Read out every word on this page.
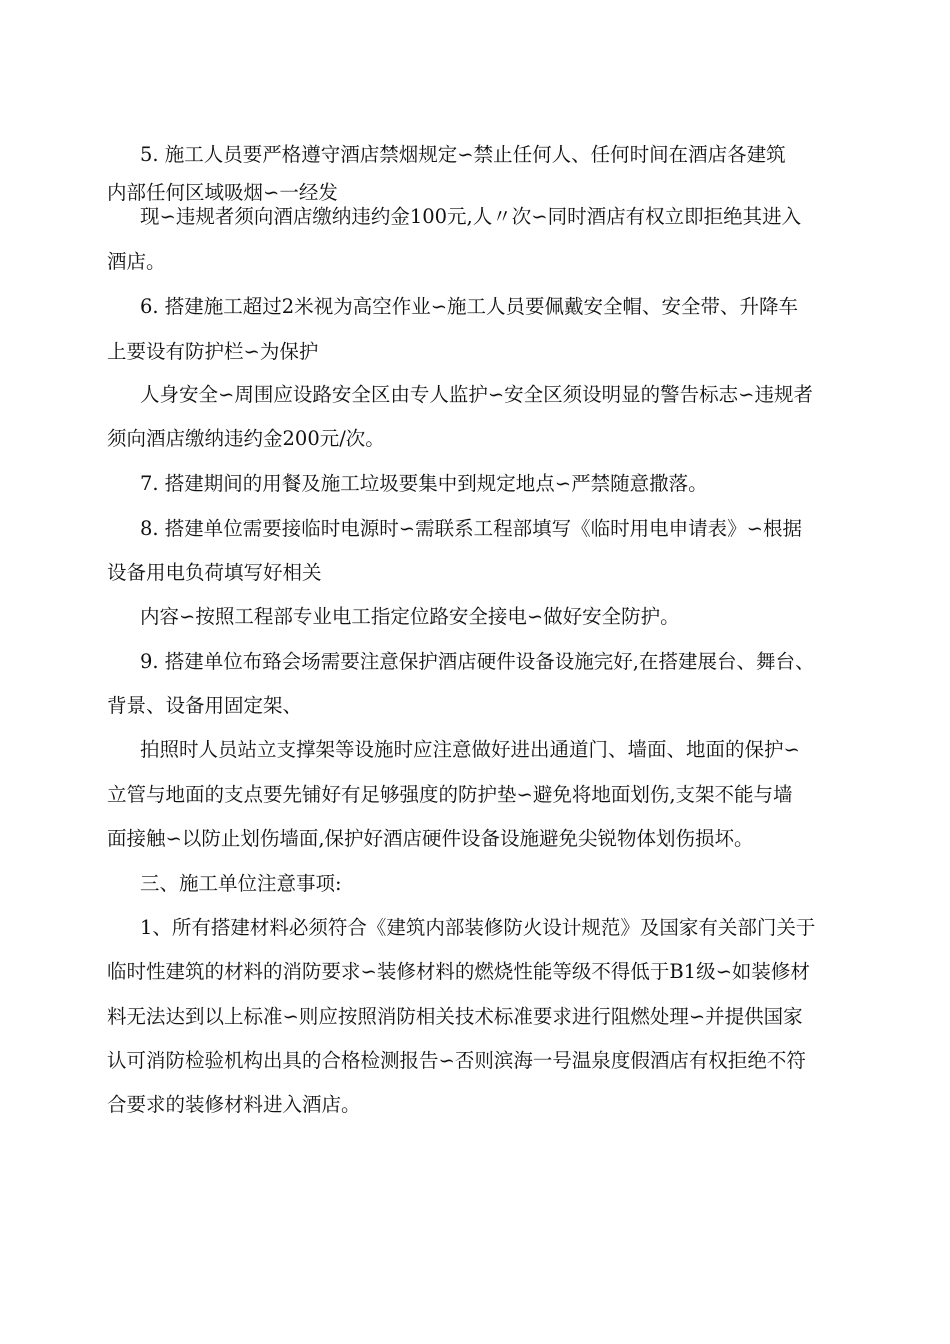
5. 施工人员要严格遵守酒店禁烟规定∽禁止任何人、任何时间在酒店各建筑
内部任何区域吸烟∽一经发
现∽违规者须向酒店缴纳违约金100元,人〃次∽同时酒店有权立即拒绝其进入
酒店。
6. 搭建施工超过2米视为高空作业∽施工人员要佩戴安全帽、安全带、升降车
上要设有防护栏∽为保护
人身安全∽周围应设路安全区由专人监护∽安全区须设明显的警告标志∽违规者
须向酒店缴纳违约金200元/次。
7. 搭建期间的用餐及施工垃圾要集中到规定地点∽严禁随意撒落。
8. 搭建单位需要接临时电源时∽需联系工程部填写《临时用电申请表》∽根据
设备用电负荷填写好相关
内容∽按照工程部专业电工指定位路安全接电∽做好安全防护。
9. 搭建单位布臵会场需要注意保护酒店硬件设备设施完好,在搭建展台、舞台、
背景、设备用固定架、
拍照时人员站立支撑架等设施时应注意做好进出通道门、墙面、地面的保护∽
立管与地面的支点要先铺好有足够强度的防护垫∽避免将地面划伤,支架不能与墙
面接触∽以防止划伤墙面,保护好酒店硬件设备设施避免尖锐物体划伤损坏。
三、施工单位注意事项:
1、所有搭建材料必须符合《建筑内部装修防火设计规范》及国家有关部门关于
临时性建筑的材料的消防要求∽装修材料的燃烧性能等级不得低于B1级∽如装修材
料无法达到以上标准∽则应按照消防相关技术标准要求进行阻燃处理∽并提供国家
认可消防检验机构出具的合格检测报告∽否则滨海一号温泉度假酒店有权拒绝不符
合要求的装修材料进入酒店。
